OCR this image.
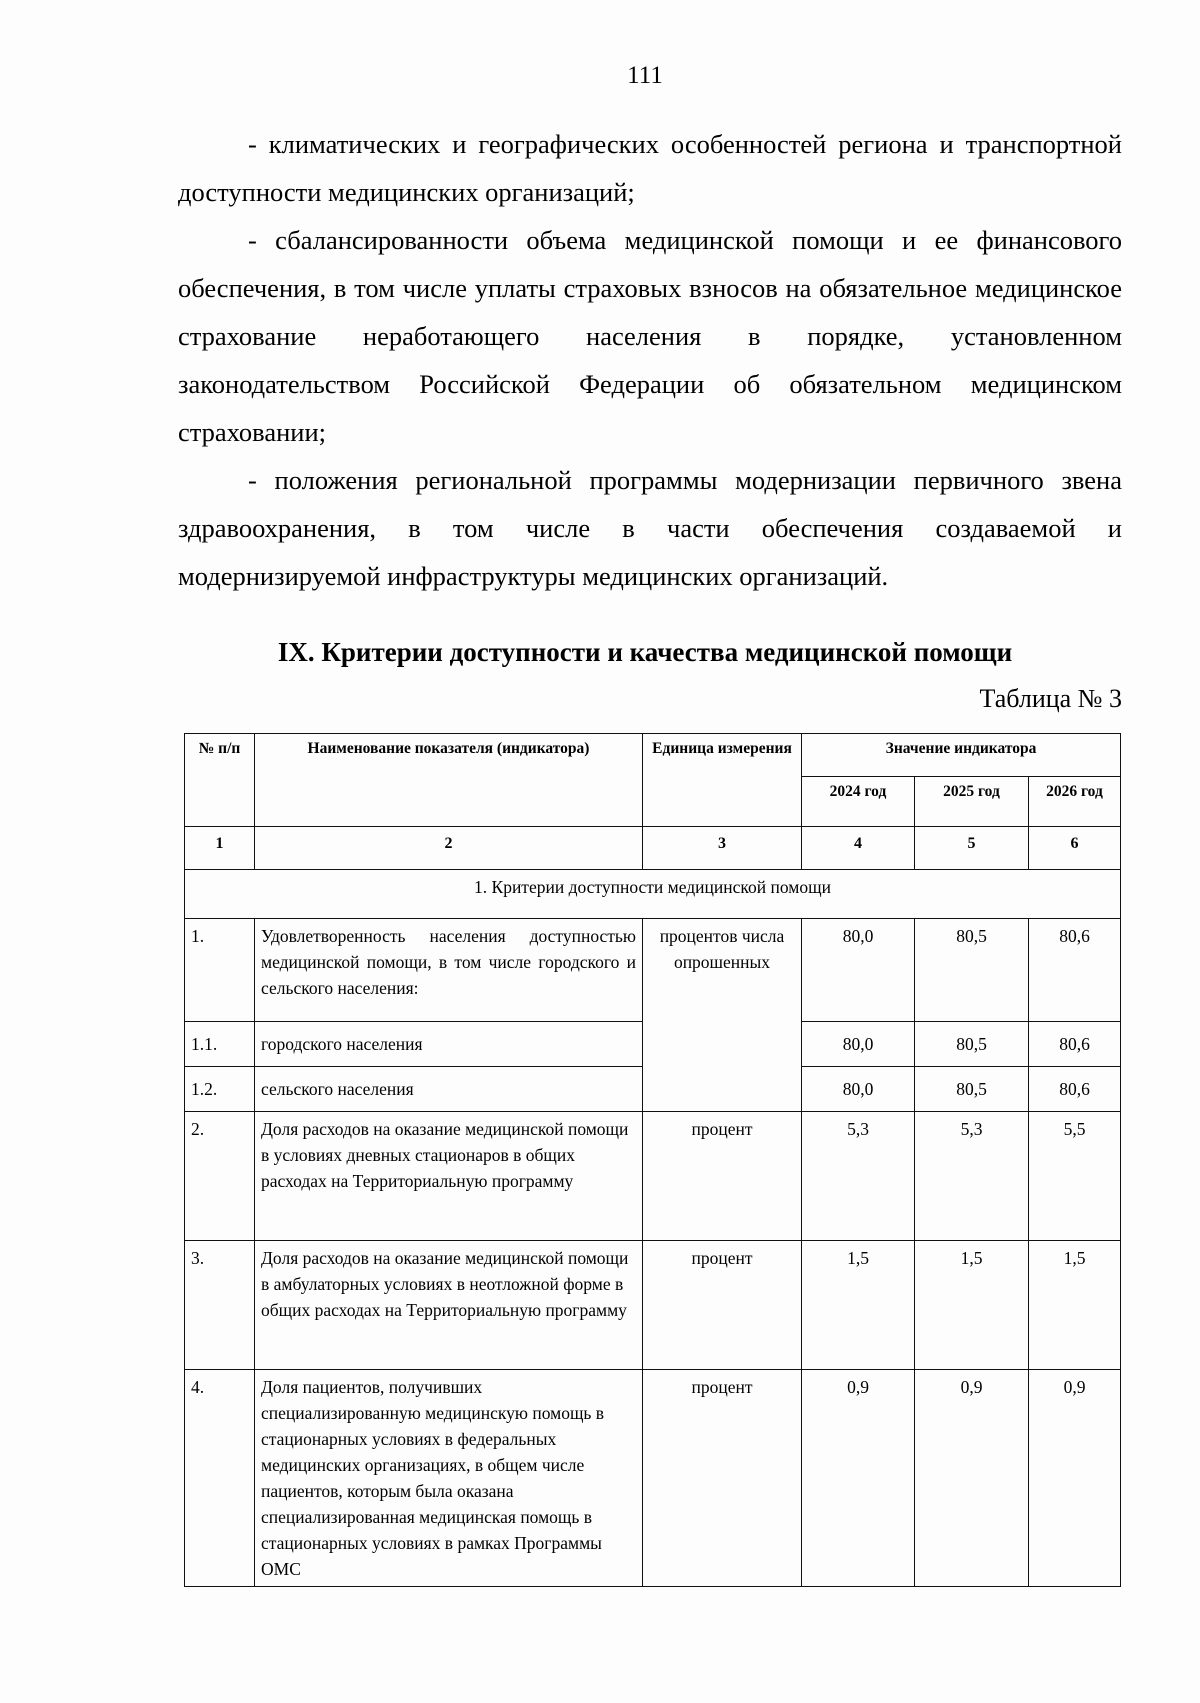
111

- климатических и географических особенностей региона и транспортной доступности медицинских организаций;

- сбалансированности объема медицинской помощи и ее финансового обеспечения, в том числе уплаты страховых взносов на обязательное медицинское страхование неработающего населения в порядке, установленном законодательством Российской Федерации об обязательном медицинском страховании;

- положения региональной программы модернизации первичного звена здравоохранения, в том числе в части обеспечения создаваемой и модернизируемой инфраструктуры медицинских организаций.

IX. Критерии доступности и качества медицинской помощи
Таблица № 3
№ п/п	Наименование показателя (индикатора)	Единица измерения	Значение индикатора		
			2024 год	2025 год	2026 год
1	2	3	4	5	6
1. Критерии доступности медицинской помощи					
1.	Удовлетворенность населения доступностью медицинской помощи, в том числе городского и сельского населения:	процентов числа опрошенных	80,0	80,5	80,6
1.1.	городского населения		80,0	80,5	80,6
1.2.	сельского населения		80,0	80,5	80,6
2.	Доля расходов на оказание медицинской помощи в условиях дневных стационаров в общих расходах на Территориальную программу	процент	5,3	5,3	5,5
3.	Доля расходов на оказание медицинской помощи в амбулаторных условиях в неотложной форме в общих расходах на Территориальную программу	процент	1,5	1,5	1,5
4.	Доля пациентов, получивших специализированную медицинскую помощь в стационарных условиях в федеральных медицинских организациях, в общем числе пациентов, которым была оказана специализированная медицинская помощь в стационарных условиях в рамках Программы ОМС	процент	0,9	0,9	0,9
